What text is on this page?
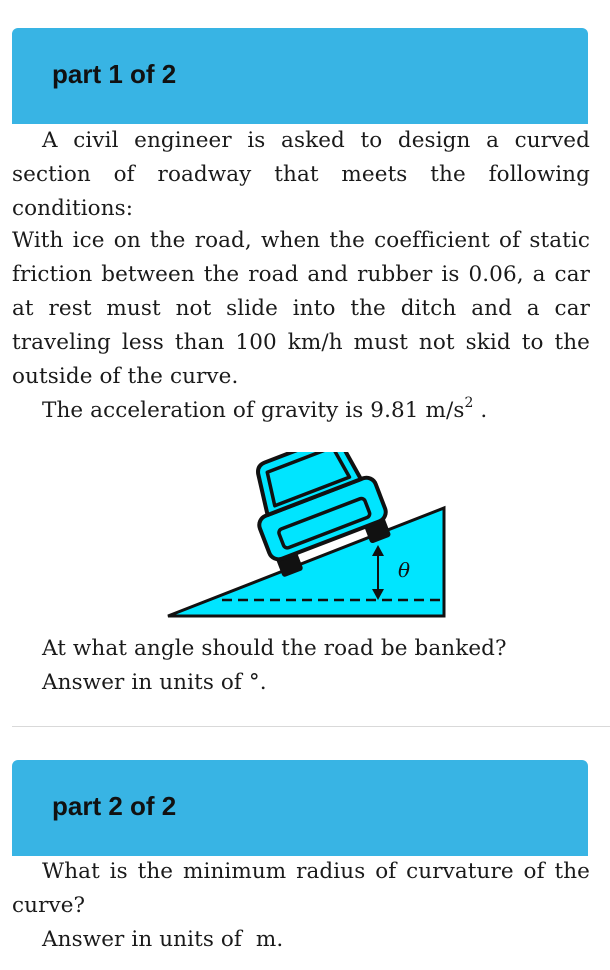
part 1 of 2
A civil engineer is asked to design a curved section of roadway that meets the following conditions:
With ice on the road, when the coefficient of static friction between the road and rubber is 0.06, a car at rest must not slide into the ditch and a car traveling less than 100 km/h must not skid to the outside of the curve.
The acceleration of gravity is 9.81 $m/s^2$ .
θ
At what angle should the road be banked?
Answer in units of °.
part 2 of 2
What is the minimum radius of curvature of the curve?
Answer in units of  m.
